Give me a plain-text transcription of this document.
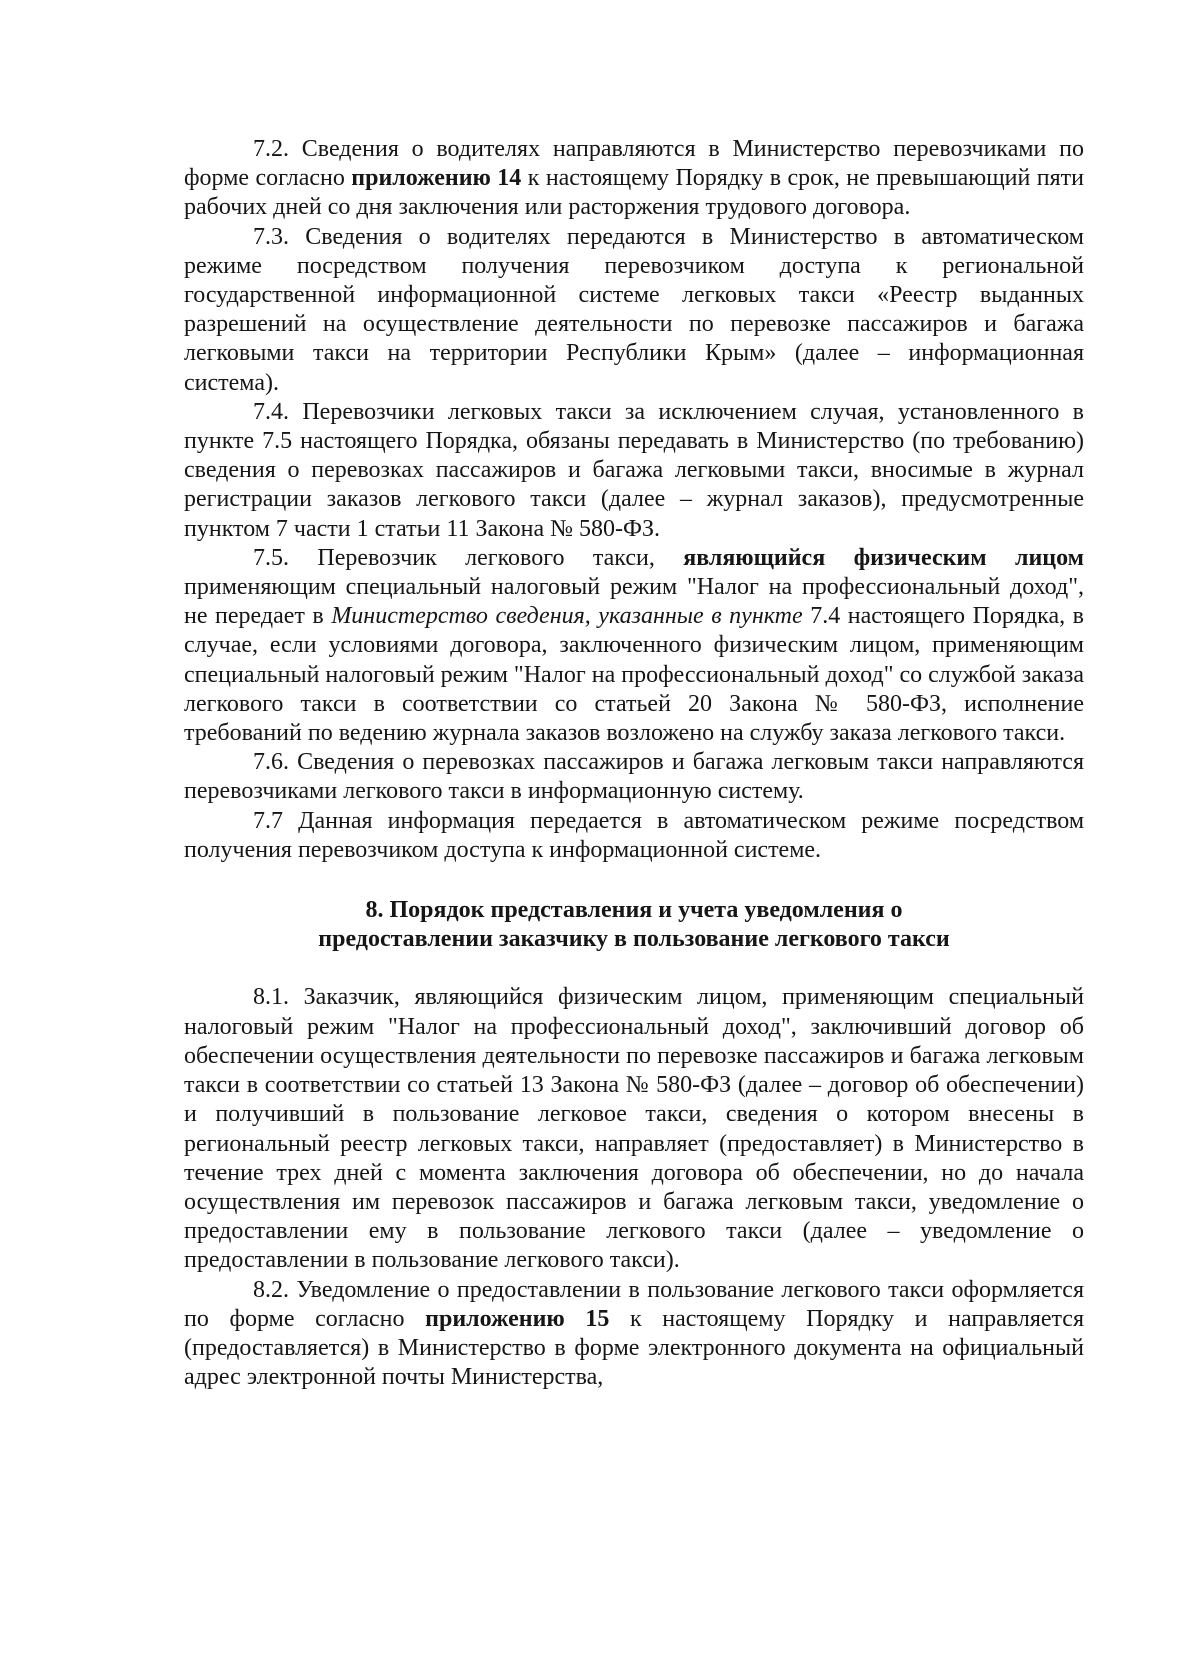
7.2. Сведения о водителях направляются в Министерство перевозчиками по форме согласно приложению 14 к настоящему Порядку в срок, не превышающий пяти рабочих дней со дня заключения или расторжения трудового договора.

7.3. Сведения о водителях передаются в Министерство в автоматическом режиме посредством получения перевозчиком доступа к региональной государственной информационной системе легковых такси «Реестр выданных разрешений на осуществление деятельности по перевозке пассажиров и багажа легковыми такси на территории Республики Крым» (далее – информационная система).

7.4. Перевозчики легковых такси за исключением случая, установленного в пункте 7.5 настоящего Порядка, обязаны передавать в Министерство (по требованию) сведения о перевозках пассажиров и багажа легковыми такси, вносимые в журнал регистрации заказов легкового такси (далее – журнал заказов), предусмотренные пунктом 7 части 1 статьи 11 Закона № 580-ФЗ.

7.5. Перевозчик легкового такси, являющийся физическим лицом применяющим специальный налоговый режим "Налог на профессиональный доход", не передает в Министерство сведения, указанные в пункте 7.4 настоящего Порядка, в случае, если условиями договора, заключенного физическим лицом, применяющим специальный налоговый режим "Налог на профессиональный доход" со службой заказа легкового такси в соответствии со статьей 20 Закона № 580-ФЗ, исполнение требований по ведению журнала заказов возложено на службу заказа легкового такси.

7.6. Сведения о перевозках пассажиров и багажа легковым такси направляются перевозчиками легкового такси в информационную систему.

7.7 Данная информация передается в автоматическом режиме посредством получения перевозчиком доступа к информационной системе.

8. Порядок представления и учета уведомления о
предоставлении заказчику в пользование легкового такси

8.1. Заказчик, являющийся физическим лицом, применяющим специальный налоговый режим "Налог на профессиональный доход", заключивший договор об обеспечении осуществления деятельности по перевозке пассажиров и багажа легковым такси в соответствии со статьей 13 Закона № 580-ФЗ (далее – договор об обеспечении) и получивший в пользование легковое такси, сведения о котором внесены в региональный реестр легковых такси, направляет (предоставляет) в Министерство в течение трех дней с момента заключения договора об обеспечении, но до начала осуществления им перевозок пассажиров и багажа легковым такси, уведомление о предоставлении ему в пользование легкового такси (далее – уведомление о предоставлении в пользование легкового такси).

8.2. Уведомление о предоставлении в пользование легкового такси оформляется по форме согласно приложению 15 к настоящему Порядку и направляется (предоставляется) в Министерство в форме электронного документа на официальный адрес электронной почты Министерства,
